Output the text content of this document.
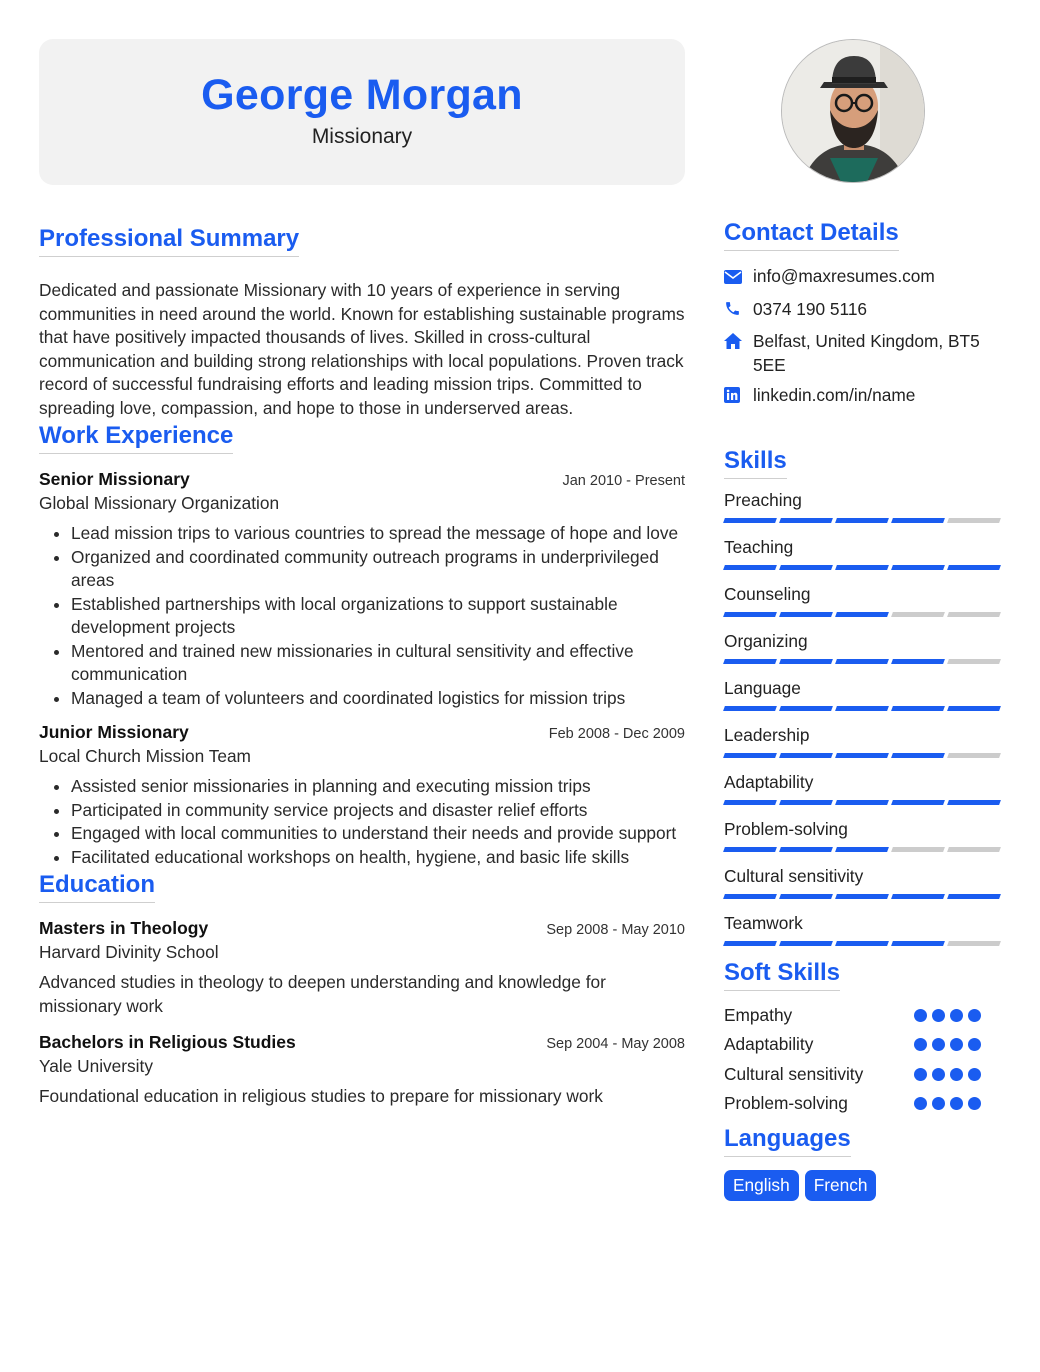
George Morgan
Missionary
Professional Summary

Dedicated and passionate Missionary with 10 years of experience in serving communities in need around the world. Known for establishing sustainable programs that have positively impacted thousands of lives. Skilled in cross-cultural communication and building strong relationships with local populations. Proven track record of successful fundraising efforts and leading mission trips. Committed to spreading love, compassion, and hope to those in underserved areas.

Work Experience
Senior Missionary	Jan 2010 - Present
Global Missionary Organization
• Lead mission trips to various countries to spread the message of hope and love
• Organized and coordinated community outreach programs in underprivileged areas
• Established partnerships with local organizations to support sustainable development projects
• Mentored and trained new missionaries in cultural sensitivity and effective communication
• Managed a team of volunteers and coordinated logistics for mission trips
Junior Missionary	Feb 2008 - Dec 2009
Local Church Mission Team
• Assisted senior missionaries in planning and executing mission trips
• Participated in community service projects and disaster relief efforts
• Engaged with local communities to understand their needs and provide support
• Facilitated educational workshops on health, hygiene, and basic life skills
Education
Masters in Theology	Sep 2008 - May 2010
Harvard Divinity School

Advanced studies in theology to deepen understanding and knowledge for missionary work

Bachelors in Religious Studies	Sep 2004 - May 2008
Yale University

Foundational education in religious studies to prepare for missionary work

Contact Details
info@maxresumes.com
0374 190 5116
Belfast, United Kingdom, BT5 5EE
linkedin.com/in/name
Skills
Preaching
Teaching
Counseling
Organizing
Language
Leadership
Adaptability
Problem-solving
Cultural sensitivity
Teamwork
Soft Skills
Empathy
Adaptability
Cultural sensitivity
Problem-solving
Languages
English	French
